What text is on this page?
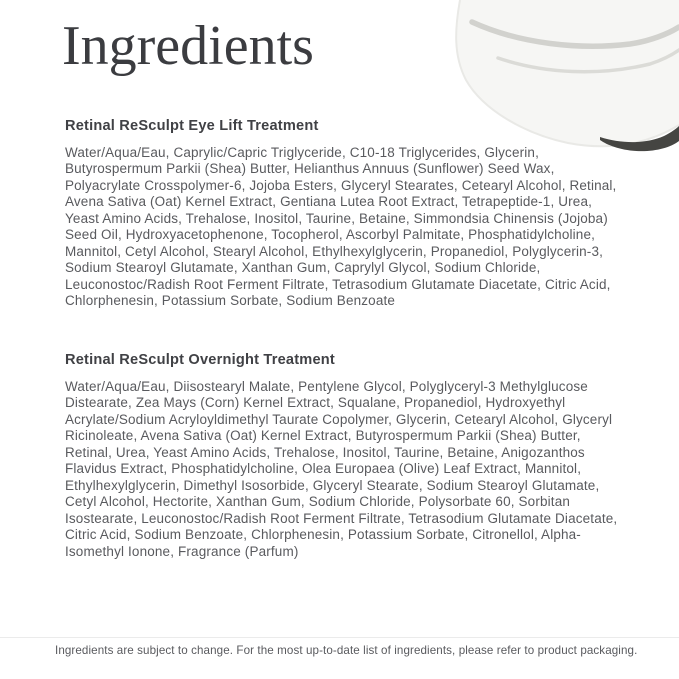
Ingredients
Retinal ReSculpt Eye Lift Treatment

Water/Aqua/Eau, Caprylic/Capric Triglyceride, C10-18 Triglycerides, Glycerin, Butyrospermum Parkii (Shea) Butter, Helianthus Annuus (Sunflower) Seed Wax, Polyacrylate Crosspolymer-6, Jojoba Esters, Glyceryl Stearates, Cetearyl Alcohol, Retinal, Avena Sativa (Oat) Kernel Extract, Gentiana Lutea Root Extract, Tetrapeptide-1, Urea, Yeast Amino Acids, Trehalose, Inositol, Taurine, Betaine, Simmondsia Chinensis (Jojoba) Seed Oil, Hydroxyacetophenone, Tocopherol, Ascorbyl Palmitate, Phosphatidylcholine, Mannitol, Cetyl Alcohol, Stearyl Alcohol, Ethylhexylglycerin, Propanediol, Polyglycerin-3, Sodium Stearoyl Glutamate, Xanthan Gum, Caprylyl Glycol, Sodium Chloride, Leuconostoc/Radish Root Ferment Filtrate, Tetrasodium Glutamate Diacetate, Citric Acid, Chlorphenesin, Potassium Sorbate, Sodium Benzoate

Retinal ReSculpt Overnight Treatment

Water/Aqua/Eau, Diisostearyl Malate, Pentylene Glycol, Polyglyceryl-3 Methylglucose Distearate, Zea Mays (Corn) Kernel Extract, Squalane, Propanediol, Hydroxyethyl Acrylate/Sodium Acryloyldimethyl Taurate Copolymer, Glycerin, Cetearyl Alcohol, Glyceryl Ricinoleate, Avena Sativa (Oat) Kernel Extract, Butyrospermum Parkii (Shea) Butter, Retinal, Urea, Yeast Amino Acids, Trehalose, Inositol, Taurine, Betaine, Anigozanthos Flavidus Extract, Phosphatidylcholine, Olea Europaea (Olive) Leaf Extract, Mannitol, Ethylhexylglycerin, Dimethyl Isosorbide, Glyceryl Stearate, Sodium Stearoyl Glutamate, Cetyl Alcohol, Hectorite, Xanthan Gum, Sodium Chloride, Polysorbate 60, Sorbitan Isostearate, Leuconostoc/Radish Root Ferment Filtrate, Tetrasodium Glutamate Diacetate, Citric Acid, Sodium Benzoate, Chlorphenesin, Potassium Sorbate, Citronellol, Alpha-Isomethyl Ionone, Fragrance (Parfum)

Ingredients are subject to change. For the most up-to-date list of ingredients, please refer to product packaging.
